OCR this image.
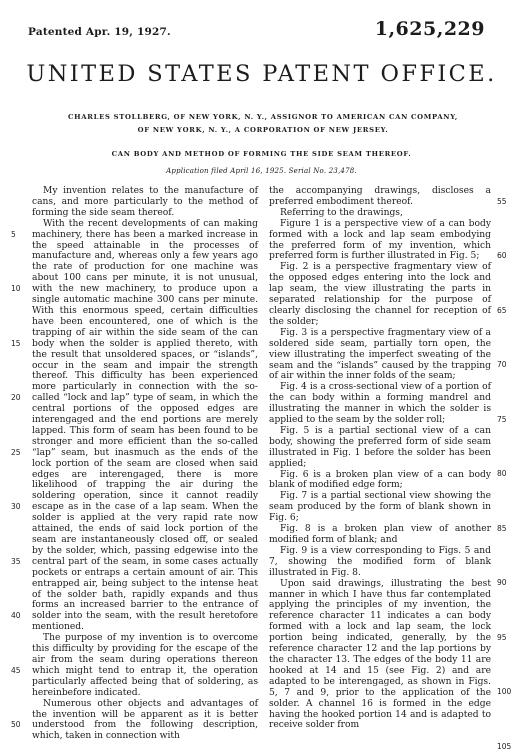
Patented Apr. 19, 1927.	1,625,229
UNITED STATES PATENT OFFICE.
CHARLES STOLLBERG, OF NEW YORK, N. Y., ASSIGNOR TO AMERICAN CAN COMPANY,
OF NEW YORK, N. Y., A CORPORATION OF NEW JERSEY.
CAN BODY AND METHOD OF FORMING THE SIDE SEAM THEREOF.
Application filed April 16, 1925. Serial No. 23,478.
My invention relates to the manufacture of cans, and more particularly to the method of forming the side seam thereof.
With the recent developments of can making machinery, there has been a marked increase in the speed attainable in the processes of manufacture and, whereas only a few years ago the rate of production for one machine was about 100 cans per minute, it is not unusual, with the new machinery, to produce upon a single automatic machine 300 cans per minute. With this enormous speed, certain difficulties have been encountered, one of which is the trapping of air within the side seam of the can body when the solder is applied thereto, with the result that unsoldered spaces, or “islands”, occur in the seam and impair the strength thereof. This difficulty has been experienced more particularly in connection with the so-called “lock and lap” type of seam, in which the central portions of the opposed edges are interengaged and the end portions are merely lapped. This form of seam has been found to be stronger and more efficient than the so-called “lap” seam, but inasmuch as the ends of the lock portion of the seam are closed when said edges are interengaged, there is more likelihood of trapping the air during the soldering operation, since it cannot readily escape as in the case of a lap seam. When the solder is applied at the very rapid rate now attained, the ends of said lock portion of the seam are instantaneously closed off, or sealed by the solder, which, passing edgewise into the central part of the seam, in some cases actually pockets or entraps a certain amount of air. This entrapped air, being subject to the intense heat of the solder bath, rapidly expands and thus forms an increased barrier to the entrance of solder into the seam, with the result heretofore mentioned.
The purpose of my invention is to overcome this difficulty by providing for the escape of the air from the seam during operations thereon which might tend to entrap it, the operation particularly affected being that of soldering, as hereinbefore indicated.
Numerous other objects and advantages of the invention will be apparent as it is better understood from the following description, which, taken in connection with
the accompanying drawings, discloses a preferred embodiment thereof.
Referring to the drawings,
Figure 1 is a perspective view of a can body formed with a lock and lap seam embodying the preferred form of my invention, which preferred form is further illustrated in Fig. 5;
Fig. 2 is a perspective fragmentary view of the opposed edges entering into the lock and lap seam, the view illustrating the parts in separated relationship for the purpose of clearly disclosing the channel for reception of the solder;
Fig. 3 is a perspective fragmentary view of a soldered side seam, partially torn open, the view illustrating the imperfect sweating of the seam and the “islands” caused by the trapping of air within the inner folds of the seam;
Fig. 4 is a cross-sectional view of a portion of the can body within a forming mandrel and illustrating the manner in which the solder is applied to the seam by the solder roll;
Fig. 5 is a partial sectional view of a can body, showing the preferred form of side seam illustrated in Fig. 1 before the solder has been applied;
Fig. 6 is a broken plan view of a can body blank of modified edge form;
Fig. 7 is a partial sectional view showing the seam produced by the form of blank shown in Fig. 6;
Fig. 8 is a broken plan view of another modified form of blank; and
Fig. 9 is a view corresponding to Figs. 5 and 7, showing the modified form of blank illustrated in Fig. 8.
Upon said drawings, illustrating the best manner in which I have thus far contemplated applying the principles of my invention, the reference character 11 indicates a can body formed with a lock and lap seam, the lock portion being indicated, generally, by the reference character 12 and the lap portions by the character 13. The edges of the body 11 are hooked at 14 and 15 (see Fig. 2) and are adapted to be interengaged, as shown in Figs. 5, 7 and 9, prior to the application of the solder. A channel 16 is formed in the edge having the hooked portion 14 and is adapted to receive solder from
5
10
15
20
25
30
35
40
45
50
55
60
65
70
75
80
85
90
95
100
105
